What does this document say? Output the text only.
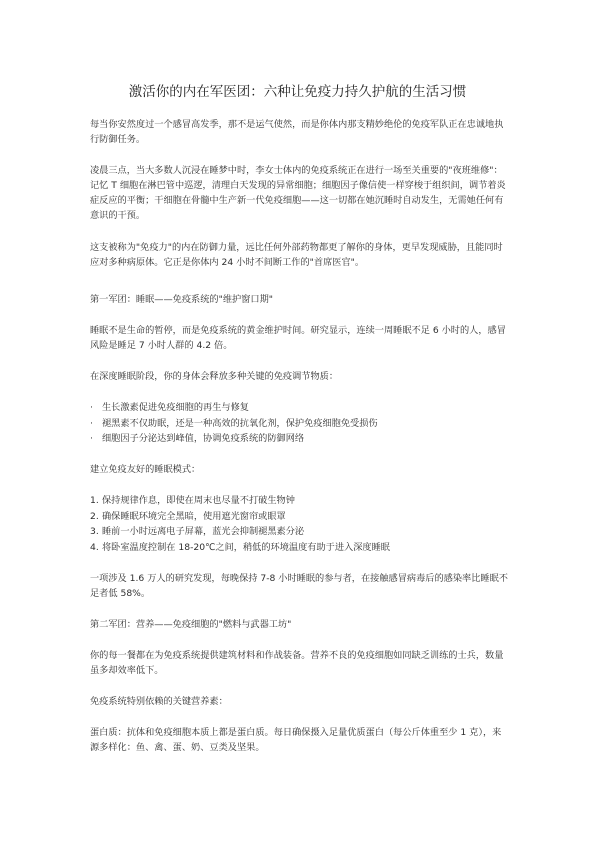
激活你的内在军医团：六种让免疫力持久护航的生活习惯

每当你安然度过一个感冒高发季，那不是运气使然，而是你体内那支精妙绝伦的免疫军队正在忠诚地执行防御任务。

凌晨三点，当大多数人沉浸在睡梦中时，李女士体内的免疫系统正在进行一场至关重要的"夜班维修"：记忆 T 细胞在淋巴管中巡逻，清理白天发现的异常细胞；细胞因子像信使一样穿梭于组织间，调节着炎症反应的平衡；干细胞在骨髓中生产新一代免疫细胞——这一切都在她沉睡时自动发生，无需她任何有意识的干预。

这支被称为"免疫力"的内在防御力量，远比任何外部药物都更了解你的身体，更早发现威胁，且能同时应对多种病原体。它正是你体内 24 小时不间断工作的"首席医官"。

第一军团：睡眠——免疫系统的"维护窗口期"

睡眠不是生命的暂停，而是免疫系统的黄金维护时间。研究显示，连续一周睡眠不足 6 小时的人，感冒风险是睡足 7 小时人群的 4.2 倍。

在深度睡眠阶段，你的身体会释放多种关键的免疫调节物质：

· 生长激素促进免疫细胞的再生与修复
· 褪黑素不仅助眠，还是一种高效的抗氧化剂，保护免疫细胞免受损伤
· 细胞因子分泌达到峰值，协调免疫系统的防御网络

建立免疫友好的睡眠模式：

1. 保持规律作息，即使在周末也尽量不打破生物钟
2. 确保睡眠环境完全黑暗，使用遮光窗帘或眼罩
3. 睡前一小时远离电子屏幕，蓝光会抑制褪黑素分泌
4. 将卧室温度控制在 18-20℃之间，稍低的环境温度有助于进入深度睡眠

一项涉及 1.6 万人的研究发现，每晚保持 7-8 小时睡眠的参与者，在接触感冒病毒后的感染率比睡眠不足者低 58%。

第二军团：营养——免疫细胞的"燃料与武器工坊"

你的每一餐都在为免疫系统提供建筑材料和作战装备。营养不良的免疫细胞如同缺乏训练的士兵，数量虽多却效率低下。

免疫系统特别依赖的关键营养素：

蛋白质：抗体和免疫细胞本质上都是蛋白质。每日确保摄入足量优质蛋白（每公斤体重至少 1 克），来源多样化：鱼、禽、蛋、奶、豆类及坚果。
